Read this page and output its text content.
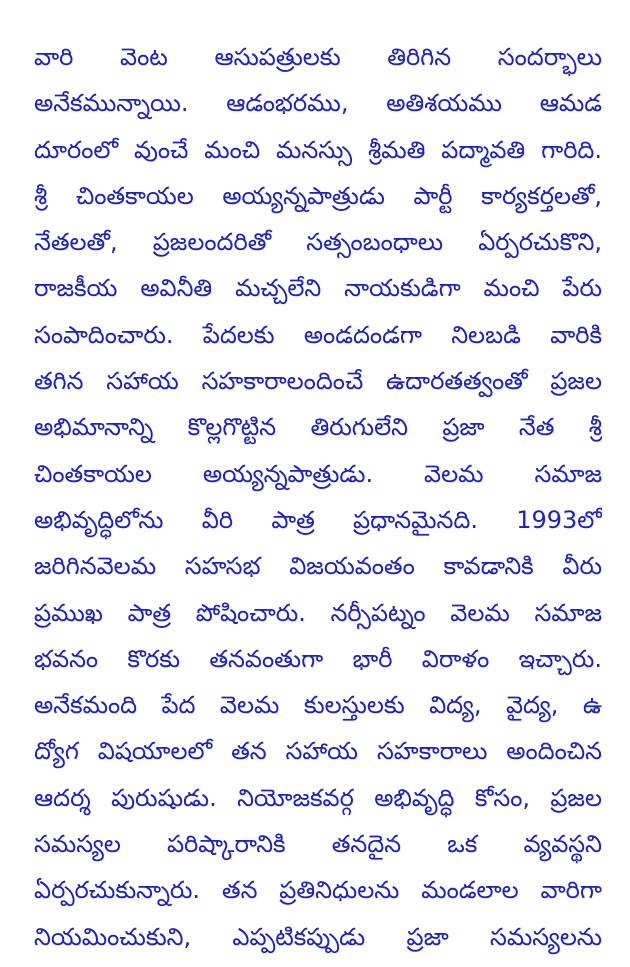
వారి వెంట ఆసుపత్రులకు తిరిగిన సందర్భాలు
అనేకమున్నాయి. ఆడంభరము, అతిశయము ఆమడ
దూరంలో వుంచే మంచి మనస్సు శ్రీమతి పద్మావతి గారిది.
శ్రీ చింతకాయల అయ్యన్నపాత్రుడు పార్టీ కార్యకర్తలతో,
నేతలతో, ప్రజలందరితో సత్సంబంధాలు ఏర్పరచుకొని,
రాజకీయ అవినీతి మచ్చలేని నాయకుడిగా మంచి పేరు
సంపాదించారు. పేదలకు అండదండగా నిలబడి వారికి
తగిన సహాయ సహకారాలందించే ఉదారతత్వంతో ప్రజల
అభిమానాన్ని కొల్లగొట్టిన తిరుగులేని ప్రజా నేత శ్రీ
చింతకాయల అయ్యన్నపాత్రుడు. వెలమ సమాజ
అభివృద్ధిలోను వీరి పాత్ర ప్రధానమైనది. 1993లో
జరిగినవెలమ సహసభ విజయవంతం కావడానికి వీరు
ప్రముఖ పాత్ర పోషించారు. నర్సీపట్నం వెలమ సమాజ
భవనం కొరకు తనవంతుగా భారీ విరాళం ఇచ్చారు.
అనేకమంది పేద వెలమ కులస్తులకు విద్య, వైద్య, ఉ
ద్యోగ విషయాలలో తన సహాయ సహకారాలు అందించిన
ఆదర్శ పురుషుడు. నియోజకవర్గ అభివృద్ధి కోసం, ప్రజల
సమస్యల పరిష్కారానికి తనదైన ఒక వ్యవస్థని
ఏర్పరచుకున్నారు. తన ప్రతినిధులను మండలాల వారిగా
నియమించుకుని, ఎప్పటికప్పుడు ప్రజా సమస్యలను
